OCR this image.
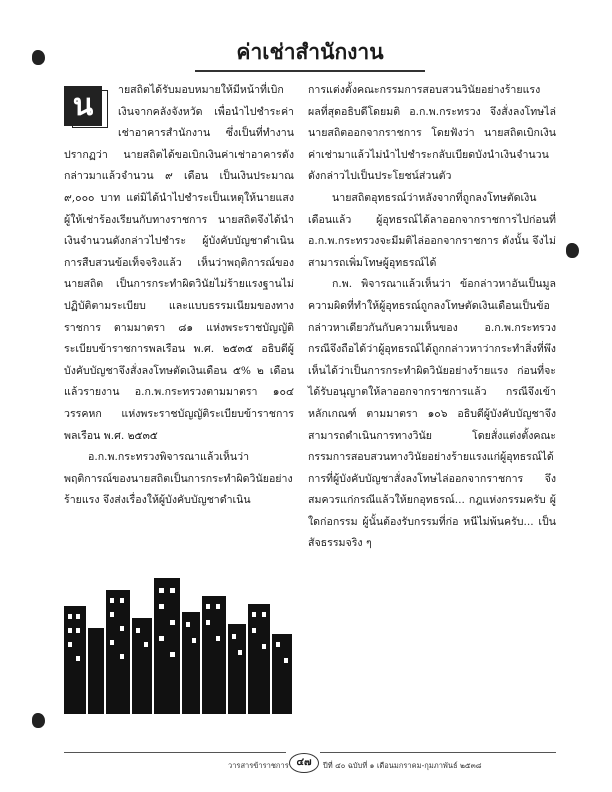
ค่าเช่าสำนักงาน
น	ายสถิตได้รับมอบหมายให้มีหน้าที่เบิกเงินจากคลังจังหวัด เพื่อนำไปชำระค่าเช่าอาคารสำนักงาน ซึ่งเป็นที่ทำงาน ปรากฏว่า นายสถิตได้ขอเบิกเงินค่าเช่าอาคารดังกล่าวมาแล้วจำนวน ๙ เดือน เป็นเงินประมาณ ๙,๐๐๐ บาท แต่มิได้นำไปชำระเป็นเหตุให้นายแสงผู้ให้เช่าร้องเรียนกับทางราชการ นายสถิตจึงได้นำเงินจำนวนดังกล่าวไปชำระ ผู้บังคับบัญชาดำเนินการสืบสวนข้อเท็จจริงแล้ว เห็นว่าพฤติการณ์ของนายสถิต เป็นการกระทำผิดวินัยไม่ร้ายแรงฐานไม่ปฏิบัติตามระเบียบ และแบบธรรมเนียมของทางราชการ ตามมาตรา ๘๑ แห่งพระราชบัญญัติระเบียบข้าราชการพลเรือน พ.ศ. ๒๕๓๕ อธิบดีผู้บังคับบัญชาจึงสั่งลงโทษตัดเงินเดือน ๕% ๒ เดือน แล้วรายงาน อ.ก.พ.กระทรวงตามมาตรา ๑๐๔ วรรคหก แห่งพระราชบัญญัติระเบียบข้าราชการพลเรือน พ.ศ. ๒๕๓๕

อ.ก.พ.กระทรวงพิจารณาแล้วเห็นว่า พฤติการณ์ของนายสถิตเป็นการกระทำผิดวินัยอย่างร้ายแรง จึงส่งเรื่องให้ผู้บังคับบัญชาดำเนิน

การแต่งตั้งคณะกรรมการสอบสวนวินัยอย่างร้ายแรง ผลที่สุดอธิบดีโดยมติ อ.ก.พ.กระทรวง จึงสั่งลงโทษไล่นายสถิตออกจากราชการ โดยฟังว่า นายสถิตเบิกเงินค่าเช่ามาแล้วไม่นำไปชำระกลับเบียดบังนำเงินจำนวนดังกล่าวไปเป็นประโยชน์ส่วนตัว

นายสถิตอุทธรณ์ว่าหลังจากที่ถูกลงโทษตัดเงินเดือนแล้ว ผู้อุทธรณ์ได้ลาออกจากราชการไปก่อนที่ อ.ก.พ.กระทรวงจะมีมติไล่ออกจากราชการ ดังนั้น จึงไม่สามารถเพิ่มโทษผู้อุทธรณ์ได้

ก.พ. พิจารณาแล้วเห็นว่า ข้อกล่าวหาอันเป็นมูลความผิดที่ทำให้ผู้อุทธรณ์ถูกลงโทษตัดเงินเดือนเป็นข้อกล่าวหาเดียวกันกับความเห็นของ อ.ก.พ.กระทรวง กรณีจึงถือได้ว่าผู้อุทธรณ์ได้ถูกกล่าวหาว่ากระทำสิ่งที่พึงเห็นได้ว่าเป็นการกระทำผิดวินัยอย่างร้ายแรง ก่อนที่จะได้รับอนุญาตให้ลาออกจากราชการแล้ว กรณีจึงเข้าหลักเกณฑ์ ตามมาตรา ๑๐๖ อธิบดีผู้บังคับบัญชาจึงสามารถดำเนินการทางวินัย โดยสั่งแต่งตั้งคณะกรรมการสอบสวนทางวินัยอย่างร้ายแรงแก่ผู้อุทธรณ์ได้ การที่ผู้บังคับบัญชาสั่งลงโทษไล่ออกจากราชการ จึงสมควรแก่กรณีแล้วให้ยกอุทธรณ์... กฎแห่งกรรมครับ ผู้ใดก่อกรรม ผู้นั้นต้องรับกรรมที่ก่อ หนีไม่พ้นครับ... เป็นสัจธรรมจริง ๆ

วารสารข้าราชการ ๔๗	ปีที่ ๔๐ ฉบับที่ ๑ เดือนมกราคม-กุมภาพันธ์ ๒๕๓๘
